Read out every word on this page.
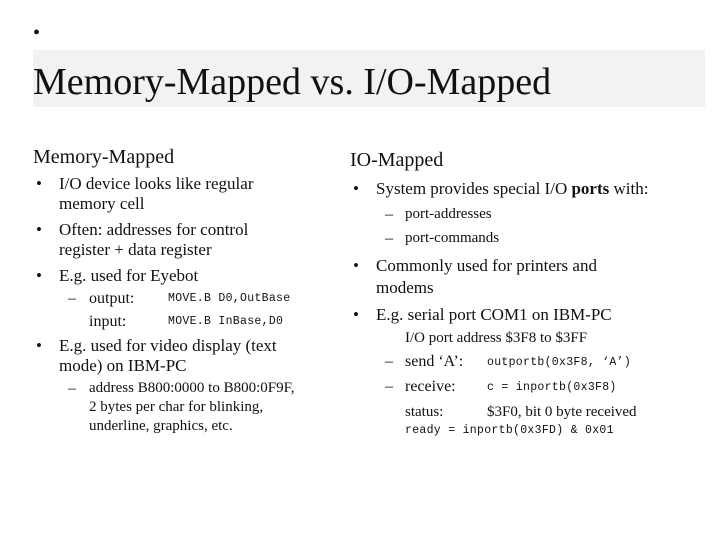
•
Memory-Mapped vs. I/O-Mapped
Memory-Mapped
• I/O device looks like regular
memory cell
• Often: addresses for control
register + data register
• E.g. used for Eyebot
– output:	MOVE.B D0,OutBase
input:	MOVE.B InBase,D0
• E.g. used for video display (text
mode) on IBM-PC
– address B800:0000 to B800:0F9F,
2 bytes per char for blinking,
underline, graphics, etc.
IO-Mapped
• System provides special I/O ports with:
– port-addresses
– port-commands
• Commonly used for printers and
modems
• E.g. serial port COM1 on IBM-PC
I/O port address $3F8 to $3FF
– send ‘A’: outportb(0x3F8, ‘A’)
– receive:	c = inportb(0x3F8)
status:	$3F0, bit 0 byte received
ready = inportb(0x3FD) & 0x01
